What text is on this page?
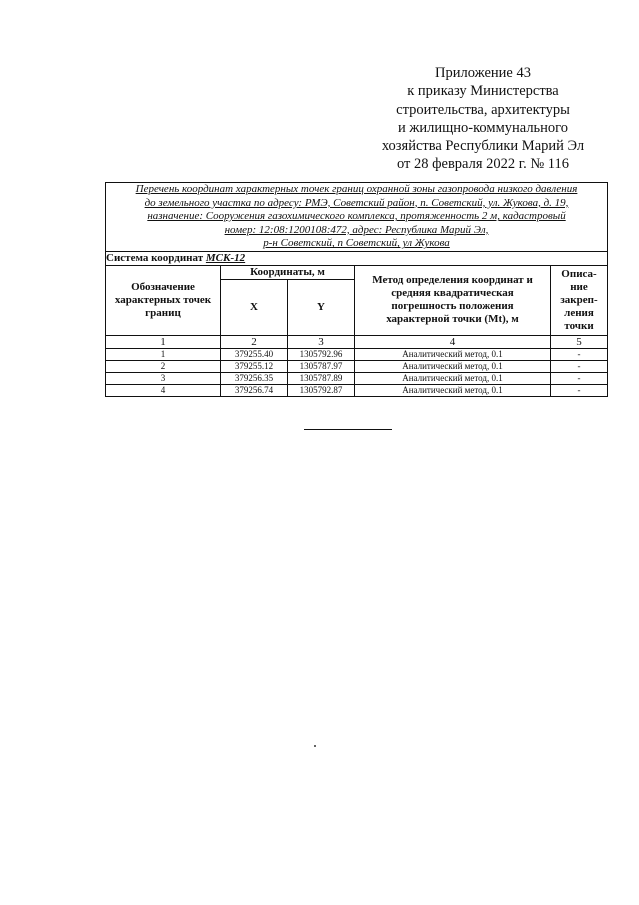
Приложение 43
к приказу Министерства
строительства, архитектуры
и жилищно-коммунального
хозяйства Республики Марий Эл
от 28 февраля 2022 г. № 116
Перечень координат характерных точек границ охранной зоны газопровода низкого давления
до земельного участка по адресу: РМЭ, Советский район, п. Советский, ул. Жукова, д. 19,
назначение: Сооружения газохимического комплекса, протяженность 2 м, кадастровый
номер: 12:08:1200108:472, адрес: Республика Марий Эл,
р-н Советский, п Советский, ул Жукова				

Система координат МСК-12				
Обозначение характерных точек границ	Координаты, м		Метод определения координат и средняя квадратическая погрешность положения характерной точки (Mt), м	Описа-
ние
закреп-
ления
точки
	X	Y		
1	2	3	4	5
1	379255.40	1305792.96	Аналитический метод, 0.1	-
2	379255.12	1305787.97	Аналитический метод, 0.1	-
3	379256.35	1305787.89	Аналитический метод, 0.1	-
4	379256.74	1305792.87	Аналитический метод, 0.1	-
